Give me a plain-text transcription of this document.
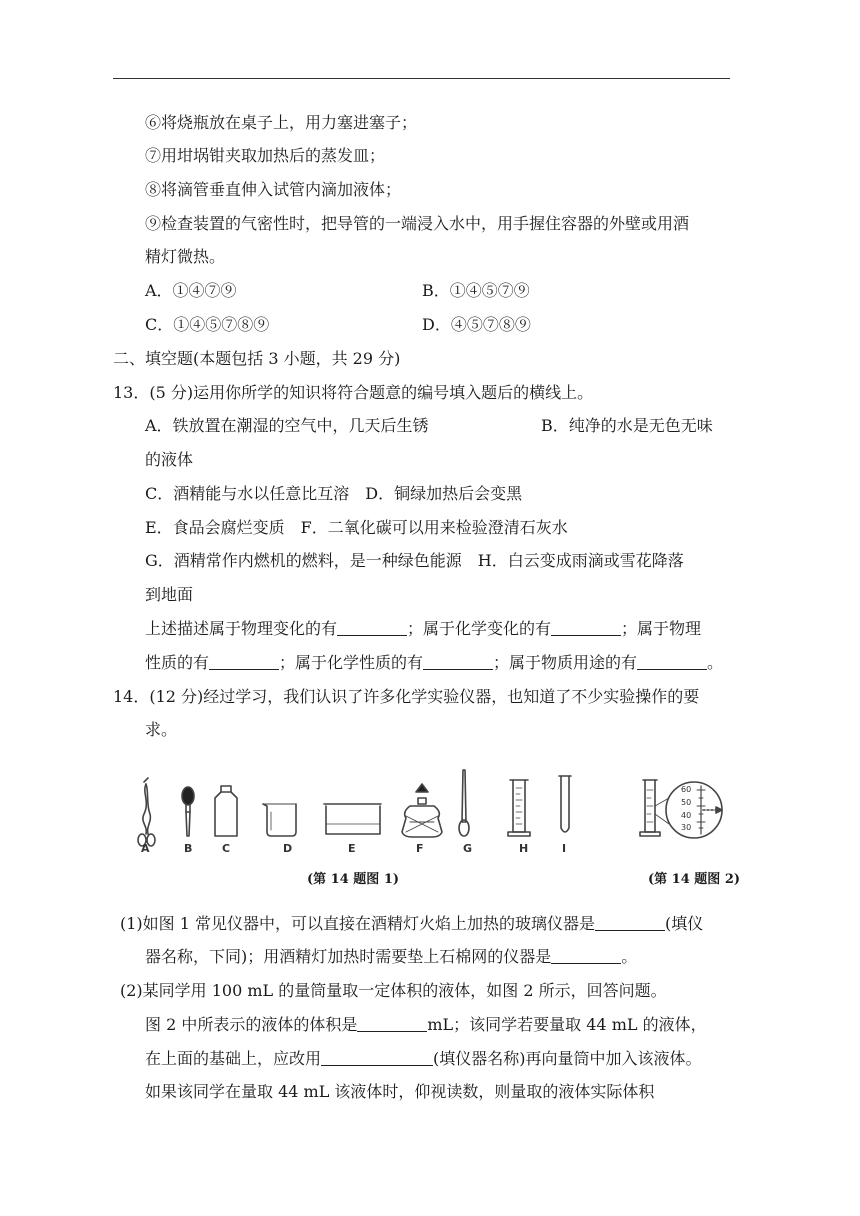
⑥将烧瓶放在桌子上，用力塞进塞子；
⑦用坩埚钳夹取加热后的蒸发皿；
⑧将滴管垂直伸入试管内滴加液体；
⑨检查装置的气密性时，把导管的一端浸入水中，用手握住容器的外壁或用酒
精灯微热。
A．①④⑦⑨	B．①④⑤⑦⑨
C．①④⑤⑦⑧⑨	D．④⑤⑦⑧⑨
二、填空题(本题包括 3 小题，共 29 分)
13．(5 分)运用你所学的知识将符合题意的编号填入题后的横线上。
A．铁放置在潮湿的空气中，几天后生锈	B．纯净的水是无色无味
的液体
C．酒精能与水以任意比互溶　D．铜绿加热后会变黑
E．食品会腐烂变质　F．二氧化碳可以用来检验澄清石灰水
G．酒精常作内燃机的燃料，是一种绿色能源　H．白云变成雨滴或雪花降落
到地面
上述描述属于物理变化的有	；属于化学变化的有	；属于物理
性质的有	；属于化学性质的有	；属于物质用途的有	。
14．(12 分)经过学习，我们认识了许多化学实验仪器，也知道了不少实验操作的要
求。
60
50
40
30
A	B	C	D	E	F	G	H	I
(第 14 题图 1)	(第 14 题图 2)
(1)如图 1 常见仪器中，可以直接在酒精灯火焰上加热的玻璃仪器是	(填仪
器名称，下同)；用酒精灯加热时需要垫上石棉网的仪器是	。
(2)某同学用 100 mL 的量筒量取一定体积的液体，如图 2 所示，回答问题。
图 2 中所表示的液体的体积是	mL；该同学若要量取 44 mL 的液体，
在上面的基础上，应改用	(填仪器名称)再向量筒中加入该液体。
如果该同学在量取 44 mL 该液体时，仰视读数，则量取的液体实际体积
